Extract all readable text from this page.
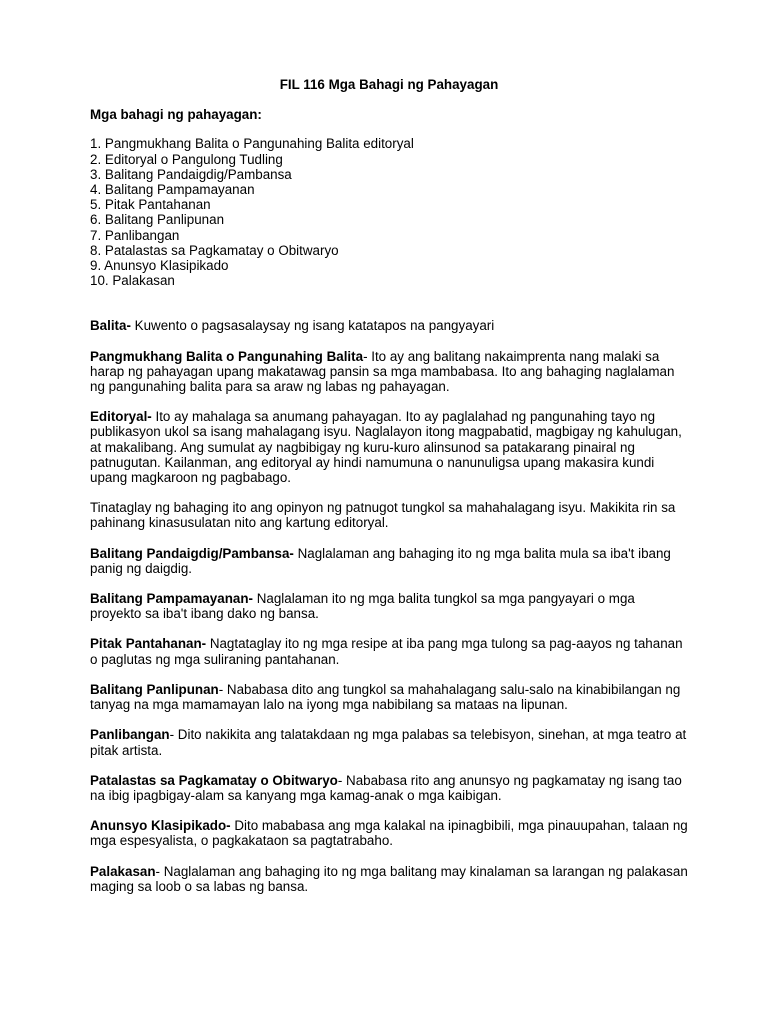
FIL 116 Mga Bahagi ng Pahayagan
Mga bahagi ng pahayagan:
1. Pangmukhang Balita o Pangunahing Balita editoryal
2. Editoryal o Pangulong Tudling
3. Balitang Pandaigdig/Pambansa
4. Balitang Pampamayanan
5. Pitak Pantahanan
6. Balitang Panlipunan
7. Panlibangan
8. Patalastas sa Pagkamatay o Obitwaryo
9. Anunsyo Klasipikado
10. Palakasan

Balita- Kuwento o pagsasalaysay ng isang katatapos na pangyayari

Pangmukhang Balita o Pangunahing Balita- Ito ay ang balitang nakaimprenta nang malaki sa harap ng pahayagan upang makatawag pansin sa mga mambabasa. Ito ang bahaging naglalaman ng pangunahing balita para sa araw ng labas ng pahayagan.

Editoryal- Ito ay mahalaga sa anumang pahayagan. Ito ay paglalahad ng pangunahing tayo ng publikasyon ukol sa isang mahalagang isyu. Naglalayon itong magpabatid, magbigay ng kahulugan, at makalibang. Ang sumulat ay nagbibigay ng kuru-kuro alinsunod sa patakarang pinairal ng patnugutan. Kailanman, ang editoryal ay hindi namumuna o nanunuligsa upang makasira kundi upang magkaroon ng pagbabago.

Tinataglay ng bahaging ito ang opinyon ng patnugot tungkol sa mahahalagang isyu. Makikita rin sa pahinang kinasusulatan nito ang kartung editoryal.

Balitang Pandaigdig/Pambansa- Naglalaman ang bahaging ito ng mga balita mula sa iba't ibang panig ng daigdig.

Balitang Pampamayanan- Naglalaman ito ng mga balita tungkol sa mga pangyayari o mga proyekto sa iba't ibang dako ng bansa.

Pitak Pantahanan- Nagtataglay ito ng mga resipe at iba pang mga tulong sa pag-aayos ng tahanan o paglutas ng mga suliraning pantahanan.

Balitang Panlipunan- Nababasa dito ang tungkol sa mahahalagang salu-salo na kinabibilangan ng tanyag na mga mamamayan lalo na iyong mga nabibilang sa mataas na lipunan.

Panlibangan- Dito nakikita ang talatakdaan ng mga palabas sa telebisyon, sinehan, at mga teatro at pitak artista.

Patalastas sa Pagkamatay o Obitwaryo- Nababasa rito ang anunsyo ng pagkamatay ng isang tao na ibig ipagbigay-alam sa kanyang mga kamag-anak o mga kaibigan.

Anunsyo Klasipikado- Dito mababasa ang mga kalakal na ipinagbibili, mga pinauupahan, talaan ng mga espesyalista, o pagkakataon sa pagtatrabaho.

Palakasan- Naglalaman ang bahaging ito ng mga balitang may kinalaman sa larangan ng palakasan maging sa loob o sa labas ng bansa.
